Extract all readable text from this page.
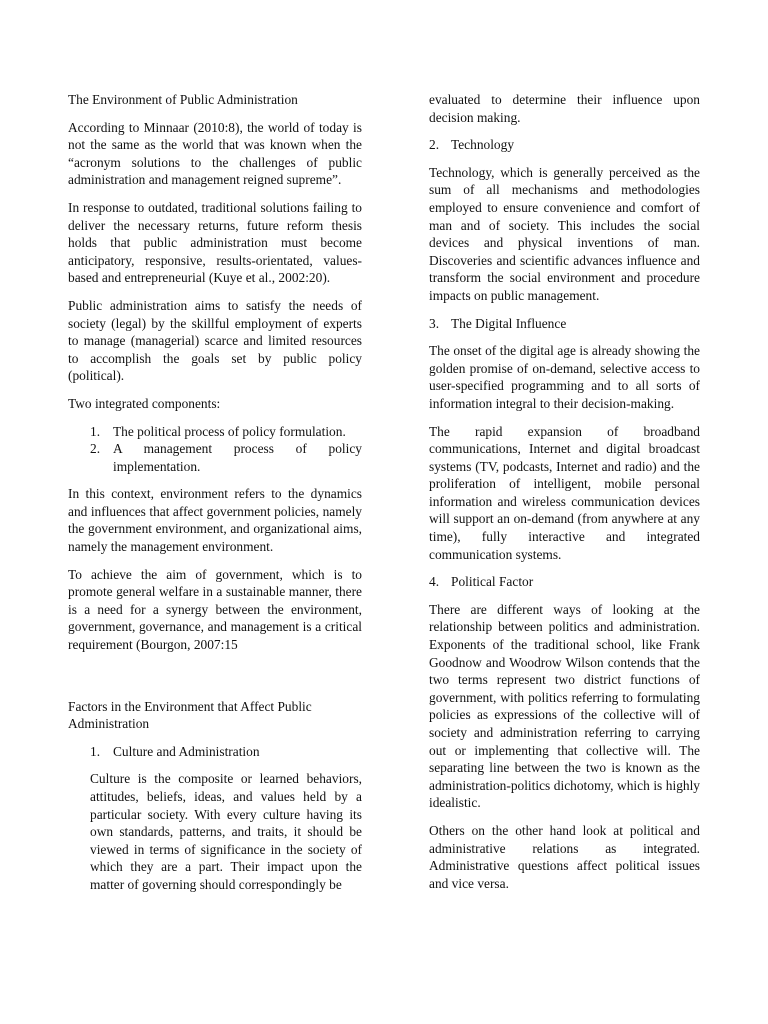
The Environment of Public Administration

According to Minnaar (2010:8), the world of today is not the same as the world that was known when the “acronym solutions to the challenges of public administration and management reigned supreme”.

In response to outdated, traditional solutions failing to deliver the necessary returns, future reform thesis holds that public administration must become anticipatory, responsive, results-orientated, values-based and entrepreneurial (Kuye et al., 2002:20).

Public administration aims to satisfy the needs of society (legal) by the skillful employment of experts to manage (managerial) scarce and limited resources to accomplish the goals set by public policy (political).

Two integrated components:

1. The political process of policy formulation.
2. A management process of policy implementation.

In this context, environment refers to the dynamics and influences that affect government policies, namely the government environment, and organizational aims, namely the management environment.

To achieve the aim of government, which is to promote general welfare in a sustainable manner, there is a need for a synergy between the environment, government, governance, and management is a critical requirement (Bourgon, 2007:15

Factors in the Environment that Affect Public Administration

1. Culture and Administration

Culture is the composite or learned behaviors, attitudes, beliefs, ideas, and values held by a particular society. With every culture having its own standards, patterns, and traits, it should be viewed in terms of significance in the society of which they are a part. Their impact upon the matter of governing should correspondingly be

evaluated to determine their influence upon decision making.

2. Technology

Technology, which is generally perceived as the sum of all mechanisms and methodologies employed to ensure convenience and comfort of man and of society. This includes the social devices and physical inventions of man. Discoveries and scientific advances influence and transform the social environment and procedure impacts on public management.

3. The Digital Influence

The onset of the digital age is already showing the golden promise of on-demand, selective access to user-specified programming and to all sorts of information integral to their decision-making.

The rapid expansion of broadband communications, Internet and digital broadcast systems (TV, podcasts, Internet and radio) and the proliferation of intelligent, mobile personal information and wireless communication devices will support an on-demand (from anywhere at any time), fully interactive and integrated communication systems.

4. Political Factor

There are different ways of looking at the relationship between politics and administration. Exponents of the traditional school, like Frank Goodnow and Woodrow Wilson contends that the two terms represent two district functions of government, with politics referring to formulating policies as expressions of the collective will of society and administration referring to carrying out or implementing that collective will. The separating line between the two is known as the administration-politics dichotomy, which is highly idealistic.

Others on the other hand look at political and administrative relations as integrated. Administrative questions affect political issues and vice versa.
